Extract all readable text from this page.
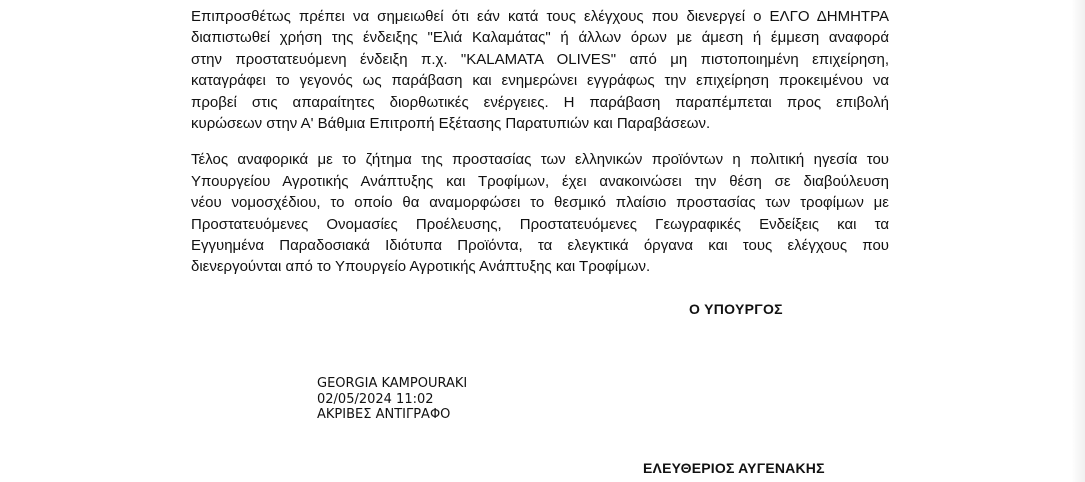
Επιπροσθέτως πρέπει να σημειωθεί ότι εάν κατά τους ελέγχους που διενεργεί ο ΕΛΓΟ ΔΗΜΗΤΡΑ
διαπιστωθεί χρήση της ένδειξης "Ελιά Καλαμάτας" ή άλλων όρων με άμεση ή έμμεση αναφορά
στην προστατευόμενη ένδειξη π.χ. "KALAMATA OLIVES" από μη πιστοποιημένη επιχείρηση,
καταγράφει το γεγονός ως παράβαση και ενημερώνει εγγράφως την επιχείρηση προκειμένου να
προβεί στις απαραίτητες διορθωτικές ενέργειες. Η παράβαση παραπέμπεται προς επιβολή
κυρώσεων στην Α' Βάθμια Επιτροπή Εξέτασης Παρατυπιών και Παραβάσεων.

Τέλος αναφορικά με το ζήτημα της προστασίας των ελληνικών προϊόντων η πολιτική ηγεσία του
Υπουργείου Αγροτικής Ανάπτυξης και Τροφίμων, έχει ανακοινώσει την θέση σε διαβούλευση
νέου νομοσχέδιου, το οποίο θα αναμορφώσει το θεσμικό πλαίσιο προστασίας των τροφίμων με
Προστατευόμενες Ονομασίες Προέλευσης, Προστατευόμενες Γεωγραφικές Ενδείξεις και τα
Εγγυημένα Παραδοσιακά Ιδιότυπα Προϊόντα, τα ελεγκτικά όργανα και τους ελέγχους που
διενεργούνται από το Υπουργείο Αγροτικής Ανάπτυξης και Τροφίμων.

Ο ΥΠΟΥΡΓΟΣ
GEORGIA KAMPOURAKI
02/05/2024 11:02
ΑΚΡΙΒΕΣ ΑΝΤΙΓΡΑΦΟ
ΕΛΕΥΘΕΡΙΟΣ ΑΥΓΕΝΑΚΗΣ
